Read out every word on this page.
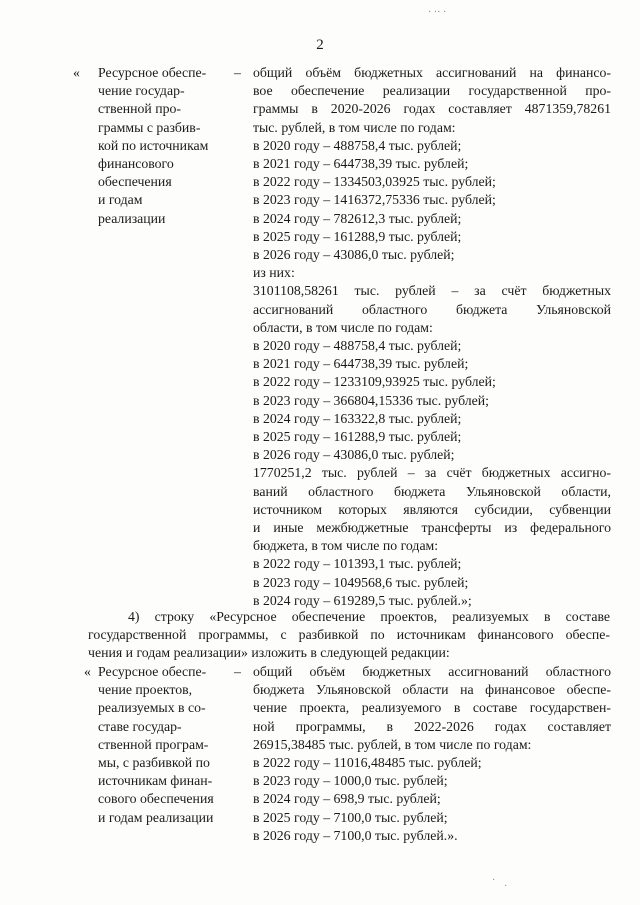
2
«	–
Ресурсное обеспе-
чение государ-
ственной про-
граммы с разбив-
кой по источникам
финансового
обеспечения
и годам
реализации
общий объём бюджетных ассигнований на финансо-
вое обеспечение реализации государственной про-
граммы в 2020-2026 годах составляет 4871359,78261
тыс. рублей, в том числе по годам:
в 2020 году – 488758,4 тыс. рублей;
в 2021 году – 644738,39 тыс. рублей;
в 2022 году – 1334503,03925 тыс. рублей;
в 2023 году – 1416372,75336 тыс. рублей;
в 2024 году – 782612,3 тыс. рублей;
в 2025 году – 161288,9 тыс. рублей;
в 2026 году – 43086,0 тыс. рублей;
из них:
3101108,58261 тыс. рублей – за счёт бюджетных
ассигнований областного бюджета Ульяновской
области, в том числе по годам:
в 2020 году – 488758,4 тыс. рублей;
в 2021 году – 644738,39 тыс. рублей;
в 2022 году – 1233109,93925 тыс. рублей;
в 2023 году – 366804,15336 тыс. рублей;
в 2024 году – 163322,8 тыс. рублей;
в 2025 году – 161288,9 тыс. рублей;
в 2026 году – 43086,0 тыс. рублей;
1770251,2 тыс. рублей – за счёт бюджетных ассигно-
ваний областного бюджета Ульяновской области,
источником которых являются субсидии, субвенции
и иные межбюджетные трансферты из федерального
бюджета, в том числе по годам:
в 2022 году – 101393,1 тыс. рублей;
в 2023 году – 1049568,6 тыс. рублей;
в 2024 году – 619289,5 тыс. рублей.»;
4) строку «Ресурсное обеспечение проектов, реализуемых в составе
государственной программы, с разбивкой по источникам финансового обеспе-
чения и годам реализации» изложить в следующей редакции:
«	–
Ресурсное обеспе-
чение проектов,
реализуемых в со-
ставе государ-
ственной програм-
мы, с разбивкой по
источникам финан-
сового обеспечения
и годам реализации
общий объём бюджетных ассигнований областного
бюджета Ульяновской области на финансовое обеспе-
чение проекта, реализуемого в составе государствен-
ной программы, в 2022-2026 годах составляет
26915,38485 тыс. рублей, в том числе по годам:
в 2022 году – 11016,48485 тыс. рублей;
в 2023 году – 1000,0 тыс. рублей;
в 2024 году – 698,9 тыс. рублей;
в 2025 году – 7100,0 тыс. рублей;
в 2026 году – 7100,0 тыс. рублей.».
· ·· ·
·
·
